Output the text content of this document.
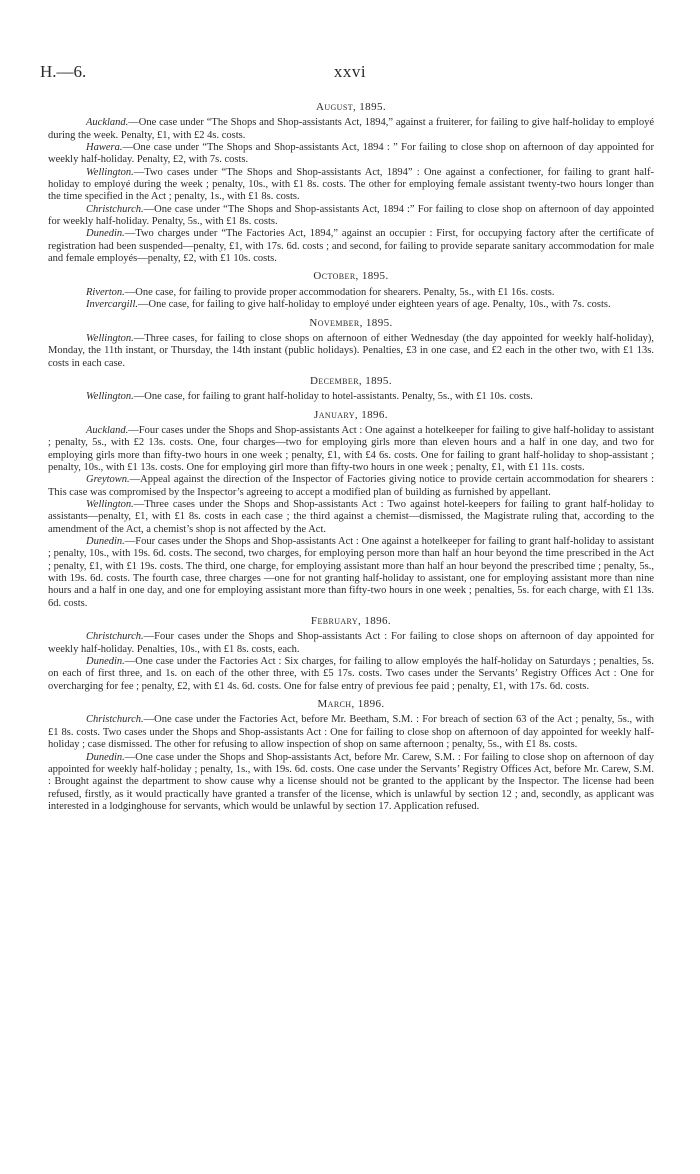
xxvi
H.—6.
August, 1895.

Auckland.—One case under “The Shops and Shop-assistants Act, 1894,” against a fruiterer, for failing to give half-holiday to employé during the week. Penalty, £1, with £2 4s. costs.

Hawera.—One case under “The Shops and Shop-assistants Act, 1894 : ” For failing to close shop on afternoon of day appointed for weekly half-holiday. Penalty, £2, with 7s. costs.

Wellington.—Two cases under “The Shops and Shop-assistants Act, 1894” : One against a confectioner, for failing to grant half-holiday to employé during the week ; penalty, 10s., with £1 8s. costs. The other for employing female assistant twenty-two hours longer than the time specified in the Act ; penalty, 1s., with £1 8s. costs.

Christchurch.—One case under “The Shops and Shop-assistants Act, 1894 :” For failing to close shop on afternoon of day appointed for weekly half-holiday. Penalty, 5s., with £1 8s. costs.

Dunedin.—Two charges under “The Factories Act, 1894,” against an occupier : First, for occupying factory after the certificate of registration had been suspended—penalty, £1, with 17s. 6d. costs ; and second, for failing to provide separate sanitary accommodation for male and female employés—penalty, £2, with £1 10s. costs.

October, 1895.

Riverton.—One case, for failing to provide proper accommodation for shearers. Penalty, 5s., with £1 16s. costs.

Invercargill.—One case, for failing to give half-holiday to employé under eighteen years of age. Penalty, 10s., with 7s. costs.

November, 1895.

Wellington.—Three cases, for failing to close shops on afternoon of either Wednesday (the day appointed for weekly half-holiday), Monday, the 11th instant, or Thursday, the 14th instant (public holidays). Penalties, £3 in one case, and £2 each in the other two, with £1 13s. costs in each case.

December, 1895.

Wellington.—One case, for failing to grant half-holiday to hotel-assistants. Penalty, 5s., with £1 10s. costs.

January, 1896.

Auckland.—Four cases under the Shops and Shop-assistants Act : One against a hotelkeeper for failing to give half-holiday to assistant ; penalty, 5s., with £2 13s. costs. One, four charges—two for employing girls more than eleven hours and a half in one day, and two for employing girls more than fifty-two hours in one week ; penalty, £1, with £4 6s. costs. One for failing to grant half-holiday to shop-assistant ; penalty, 10s., with £1 13s. costs. One for employing girl more than fifty-two hours in one week ; penalty, £1, with £1 11s. costs.

Greytown.—Appeal against the direction of the Inspector of Factories giving notice to provide certain accommodation for shearers : This case was compromised by the Inspector’s agreeing to accept a modified plan of building as furnished by appellant.

Wellington.—Three cases under the Shops and Shop-assistants Act : Two against hotel-keepers for failing to grant half-holiday to assistants—penalty, £1, with £1 8s. costs in each case ; the third against a chemist—dismissed, the Magistrate ruling that, according to the amendment of the Act, a chemist’s shop is not affected by the Act.

Dunedin.—Four cases under the Shops and Shop-assistants Act : One against a hotelkeeper for failing to grant half-holiday to assistant ; penalty, 10s., with 19s. 6d. costs. The second, two charges, for employing person more than half an hour beyond the time prescribed in the Act ; penalty, £1, with £1 19s. costs. The third, one charge, for employing assistant more than half an hour beyond the prescribed time ; penalty, 5s., with 19s. 6d. costs. The fourth case, three charges —one for not granting half-holiday to assistant, one for employing assistant more than nine hours and a half in one day, and one for employing assistant more than fifty-two hours in one week ; penalties, 5s. for each charge, with £1 13s. 6d. costs.

February, 1896.

Christchurch.—Four cases under the Shops and Shop-assistants Act : For failing to close shops on afternoon of day appointed for weekly half-holiday. Penalties, 10s., with £1 8s. costs, each.

Dunedin.—One case under the Factories Act : Six charges, for failing to allow employés the half-holiday on Saturdays ; penalties, 5s. on each of first three, and 1s. on each of the other three, with £5 17s. costs. Two cases under the Servants’ Registry Offices Act : One for overcharging for fee ; penalty, £2, with £1 4s. 6d. costs. One for false entry of previous fee paid ; penalty, £1, with 17s. 6d. costs.

March, 1896.

Christchurch.—One case under the Factories Act, before Mr. Beetham, S.M. : For breach of section 63 of the Act ; penalty, 5s., with £1 8s. costs. Two cases under the Shops and Shop-assistants Act : One for failing to close shop on afternoon of day appointed for weekly half-holiday ; case dismissed. The other for refusing to allow inspection of shop on same afternoon ; penalty, 5s., with £1 8s. costs.

Dunedin.—One case under the Shops and Shop-assistants Act, before Mr. Carew, S.M. : For failing to close shop on afternoon of day appointed for weekly half-holiday ; penalty, 1s., with 19s. 6d. costs. One case under the Servants’ Registry Offices Act, before Mr. Carew, S.M. : Brought against the department to show cause why a license should not be granted to the applicant by the Inspector. The license had been refused, firstly, as it would practically have granted a transfer of the license, which is unlawful by section 12 ; and, secondly, as applicant was interested in a lodginghouse for servants, which would be unlawful by section 17. Application refused.
